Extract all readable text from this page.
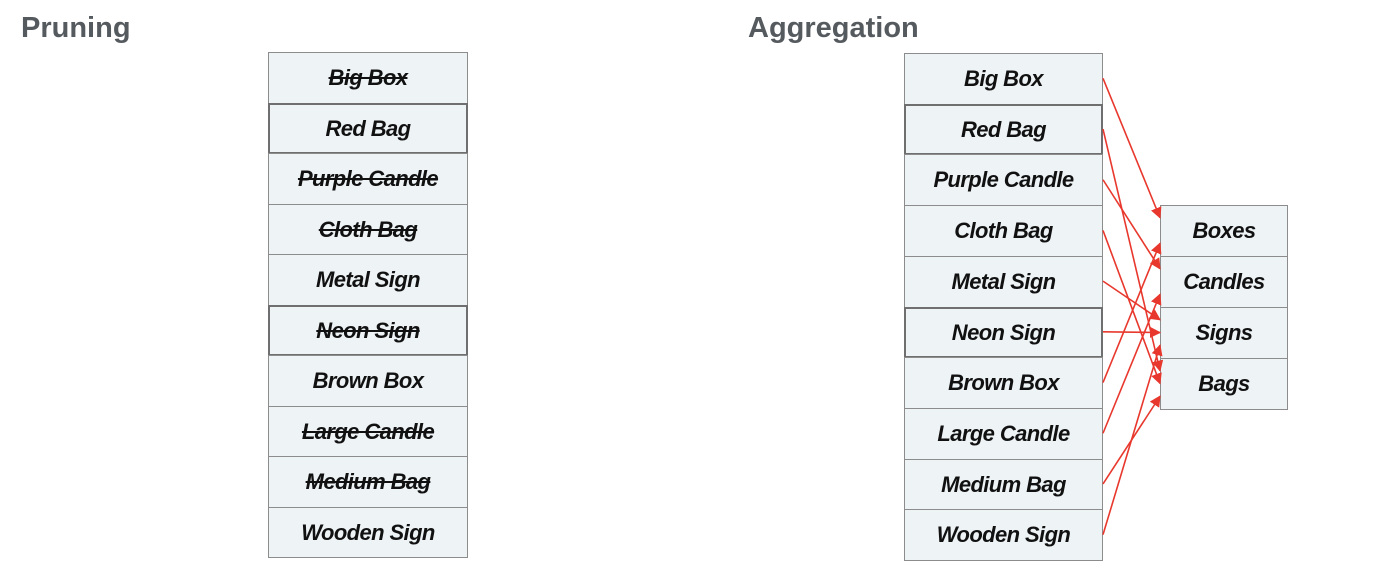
Pruning	Aggregation
Big Box
Red Bag
Purple Candle
Cloth Bag
Metal Sign
Neon Sign
Brown Box
Large Candle
Medium Bag
Wooden Sign
Big Box
Red Bag
Purple Candle
Cloth Bag
Metal Sign
Neon Sign
Brown Box
Large Candle
Medium Bag
Wooden Sign
Boxes
Candles
Signs
Bags
